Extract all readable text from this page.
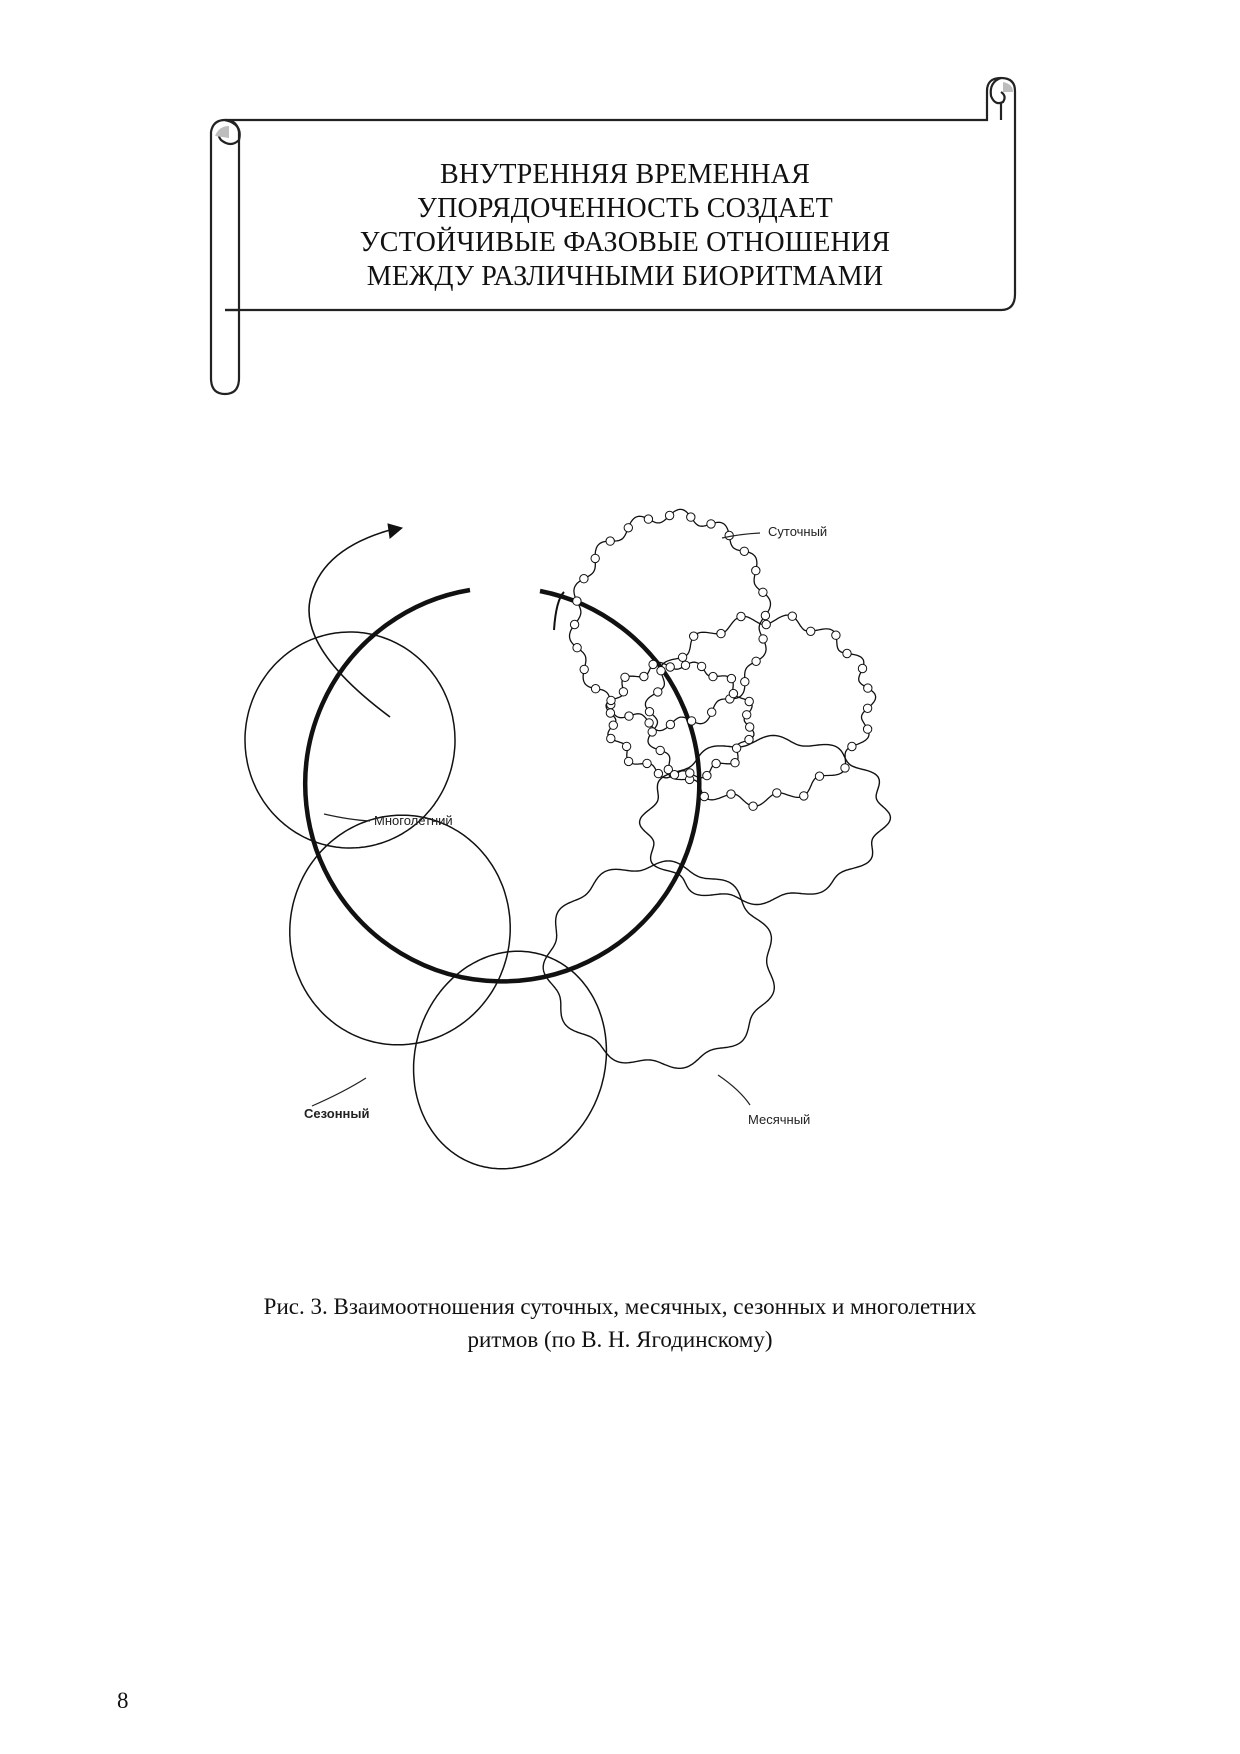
ВНУТРЕННЯЯ ВРЕМЕННАЯ
УПОРЯДОЧЕННОСТЬ СОЗДАЕТ
УСТОЙЧИВЫЕ ФАЗОВЫЕ ОТНОШЕНИЯ
МЕЖДУ РАЗЛИЧНЫМИ БИОРИТМАМИ
Суточный
Многолетний
Сезонный	Месячный
Рис. 3. Взаимоотношения суточных, месячных, сезонных и многолетних
ритмов (по В. Н. Ягодинскому)
8
